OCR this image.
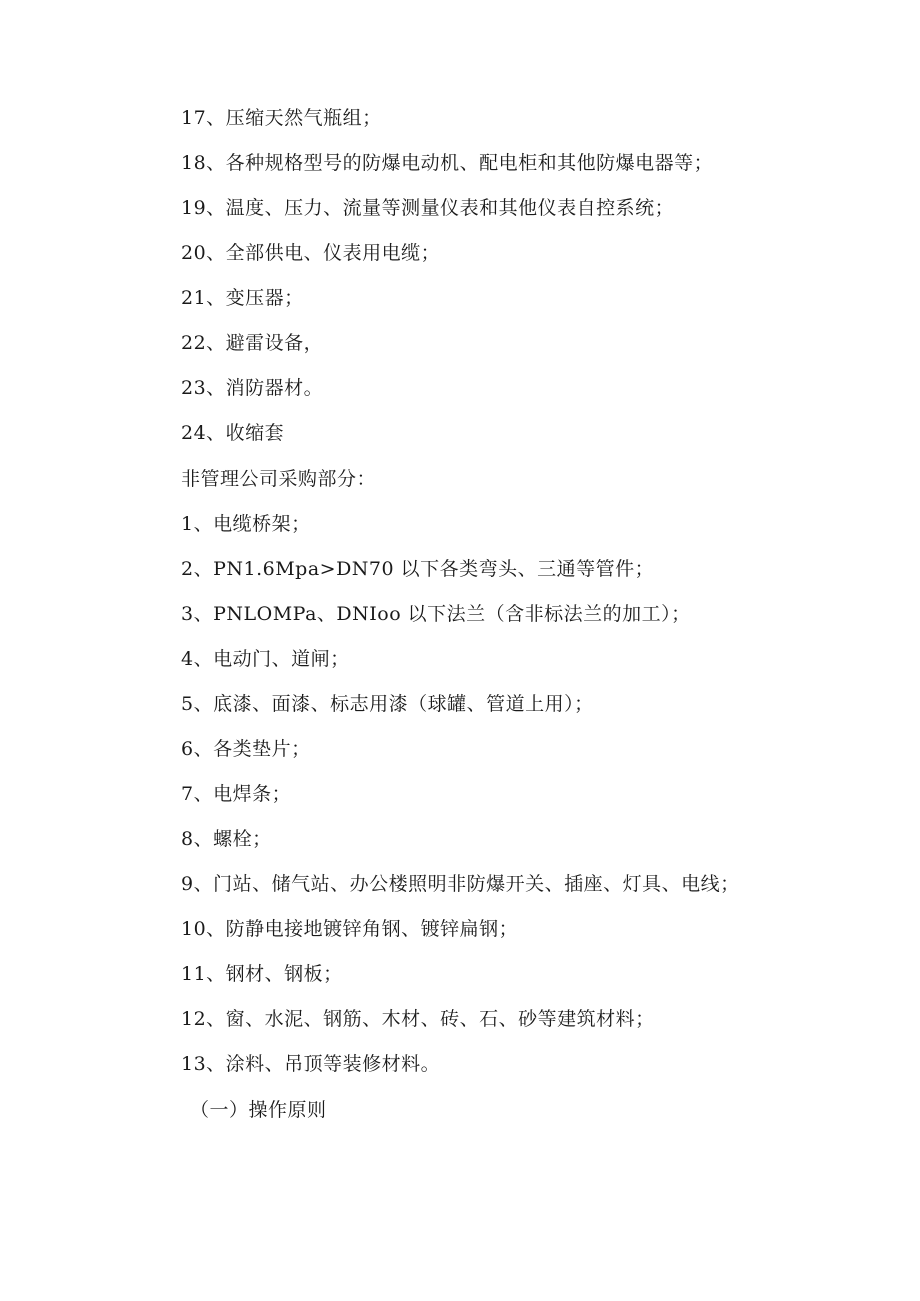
17、压缩天然气瓶组；
18、各种规格型号的防爆电动机、配电柜和其他防爆电器等；
19、温度、压力、流量等测量仪表和其他仪表自控系统；
20、全部供电、仪表用电缆；
21、变压器；
22、避雷设备，
23、消防器材。
24、收缩套
非管理公司采购部分：
1、电缆桥架；
2、PN1.6Mpa>DN70 以下各类弯头、三通等管件；
3、PNLOMPa、DNIoo 以下法兰（含非标法兰的加工）；
4、电动门、道闸；
5、底漆、面漆、标志用漆（球罐、管道上用）；
6、各类垫片；
7、电焊条；
8、螺栓；
9、门站、储气站、办公楼照明非防爆开关、插座、灯具、电线；
10、防静电接地镀锌角钢、镀锌扁钢；
11、钢材、钢板；
12、窗、水泥、钢筋、木材、砖、石、砂等建筑材料；
13、涂料、吊顶等装修材料。
（一）操作原则
